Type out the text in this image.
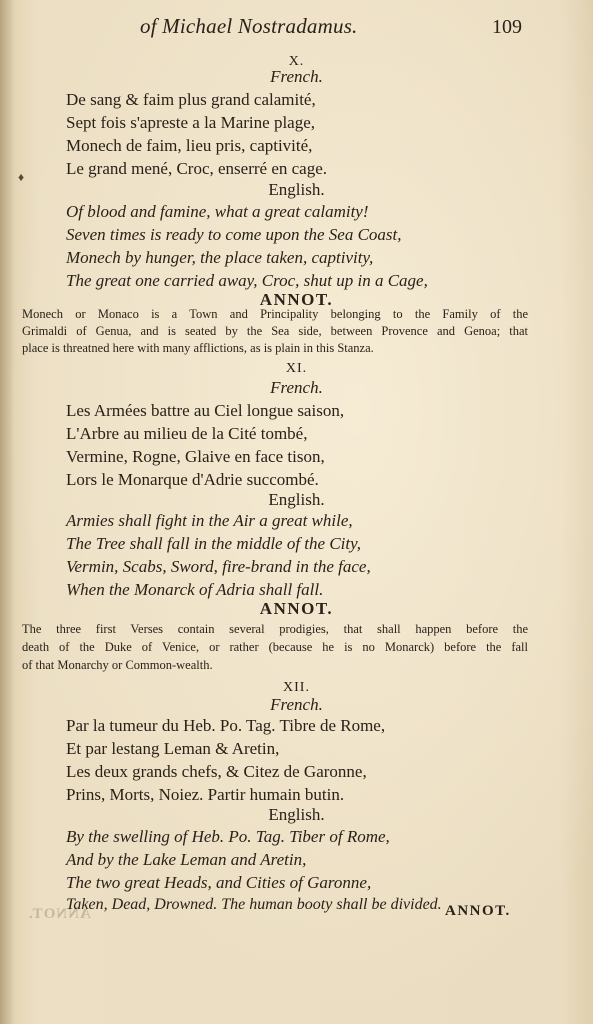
of Michael Nostradamus.	109
X.
French.
De sang & faim plus grand calamité,
Sept fois s'apreste a la Marine plage,
Monech de faim, lieu pris, captivité,
Le grand mené, Croc, enserré en cage.
English.
Of blood and famine, what a great calamity!
Seven times is ready to come upon the Sea Coast,
Monech by hunger, the place taken, captivity,
The great one carried away, Croc, shut up in a Cage,
ANNOT.
Monech or Monaco is a Town and Principality belonging to the Family of the
Grimaldi of Genua, and is seated by the Sea side, between Provence and Genoa; that
place is threatned here with many afflictions, as is plain in this Stanza.
XI.
French.
Les Armées battre au Ciel longue saison,
L'Arbre au milieu de la Cité tombé,
Vermine, Rogne, Glaive en face tison,
Lors le Monarque d'Adrie succombé.
English.
Armies shall fight in the Air a great while,
The Tree shall fall in the middle of the City,
Vermin, Scabs, Sword, fire-brand in the face,
When the Monarck of Adria shall fall.
ANNOT.
The three first Verses contain several prodigies, that shall happen before the
death of the Duke of Venice, or rather (because he is no Monarck) before the fall
of that Monarchy or Common-wealth.
XII.
French.
Par la tumeur du Heb. Po. Tag. Tibre de Rome,
Et par lestang Leman & Aretin,
Les deux grands chefs, & Citez de Garonne,
Prins, Morts, Noiez. Partir humain butin.
English.
By the swelling of Heb. Po. Tag. Tiber of Rome,
And by the Lake Leman and Aretin,
The two great Heads, and Cities of Garonne,
Taken, Dead, Drowned. The human booty shall be divided. ANNOT.
ANNOT.
♦
